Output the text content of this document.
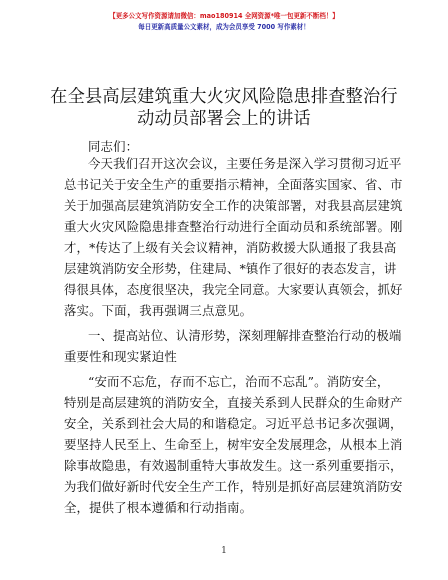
【更多公文写作资源请加微信：mao180914 全网资源*唯一包更新不断档！】
每日更新高质量公文素材，成为会员享受 7000 写作素材！
在全县高层建筑重大火灾风险隐患排查整治行
动动员部署会上的讲话
同志们：
今天我们召开这次会议，主要任务是深入学习贯彻习近平
总书记关于安全生产的重要指示精神，全面落实国家、省、市
关于加强高层建筑消防安全工作的决策部署，对我县高层建筑
重大火灾风险隐患排查整治行动进行全面动员和系统部署。刚
才，*传达了上级有关会议精神，消防救援大队通报了我县高
层建筑消防安全形势，住建局、*镇作了很好的表态发言，讲
得很具体，态度很坚决，我完全同意。大家要认真领会，抓好
落实。下面，我再强调三点意见。
一、提高站位、认清形势，深刻理解排查整治行动的极端
重要性和现实紧迫性
“安而不忘危，存而不忘亡，治而不忘乱”。消防安全，
特别是高层建筑的消防安全，直接关系到人民群众的生命财产
安全，关系到社会大局的和谐稳定。习近平总书记多次强调，
要坚持人民至上、生命至上，树牢安全发展理念，从根本上消
除事故隐患，有效遏制重特大事故发生。这一系列重要指示，
为我们做好新时代安全生产工作，特别是抓好高层建筑消防安
全，提供了根本遵循和行动指南。
1
